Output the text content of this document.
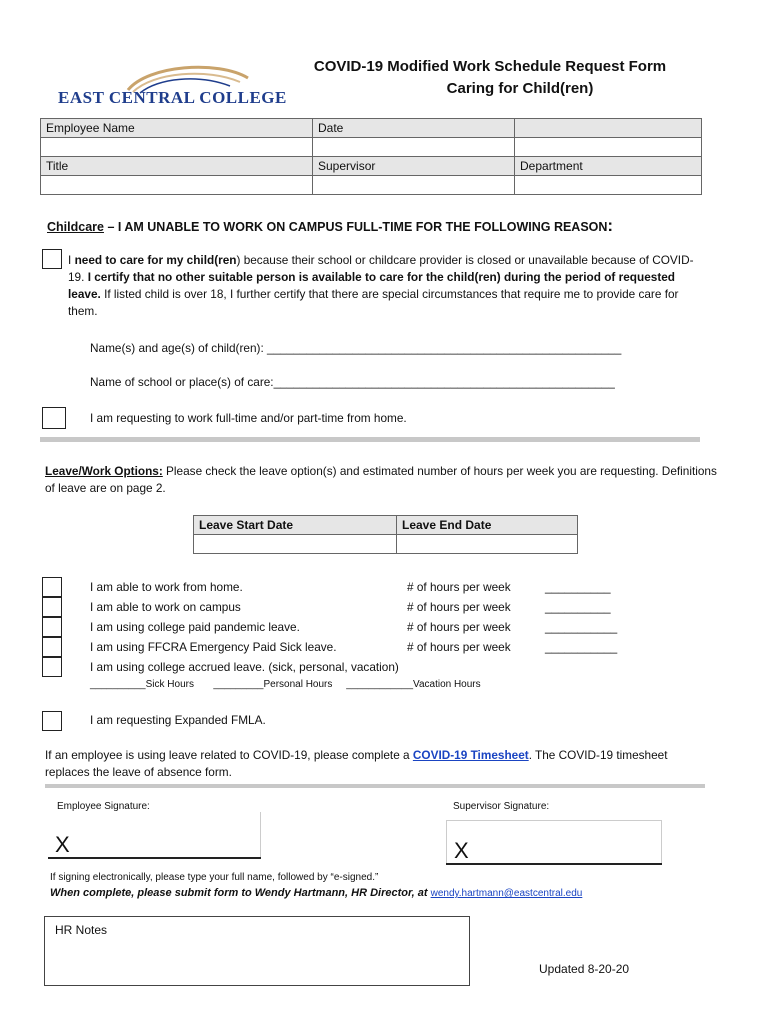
EAST CENTRAL COLLEGE
COVID-19 Modified Work Schedule Request Form
Caring for Child(ren)
Employee Name	Date	

Title	Supervisor	Department

Childcare – I AM UNABLE TO WORK ON CAMPUS FULL-TIME FOR THE FOLLOWING REASON:
I need to care for my child(ren) because their school or childcare provider is closed or unavailable because of COVID-19. I certify that no other suitable person is available to care for the child(ren) during the period of requested leave. If listed child is over 18, I further certify that there are special circumstances that require me to provide care for them.
Name(s) and age(s) of child(ren): ______________________________________________________
Name of school or place(s) of care:____________________________________________________
I am requesting to work full-time and/or part-time from home.
Leave/Work Options: Please check the leave option(s) and estimated number of hours per week you are requesting. Definitions of leave are on page 2.
Leave Start Date	Leave End Date

I am able to work from home.	# of hours per week	__________
I am able to work on campus	# of hours per week	__________
I am using college paid pandemic leave.	# of hours per week	___________
I am using FFCRA Emergency Paid Sick leave.	# of hours per week	___________
I am using college accrued leave. (sick, personal, vacation)
__________Sick Hours       _________Personal Hours     ____________Vacation Hours
I am requesting Expanded FMLA.
If an employee is using leave related to COVID-19, please complete a COVID-19 Timesheet. The COVID-19 timesheet replaces the leave of absence form.
Employee Signature:	Supervisor Signature:
X	X
If signing electronically, please type your full name, followed by “e-signed.”
When complete, please submit form to Wendy Hartmann, HR Director, at wendy.hartmann@eastcentral.edu
HR Notes
Updated 8-20-20
